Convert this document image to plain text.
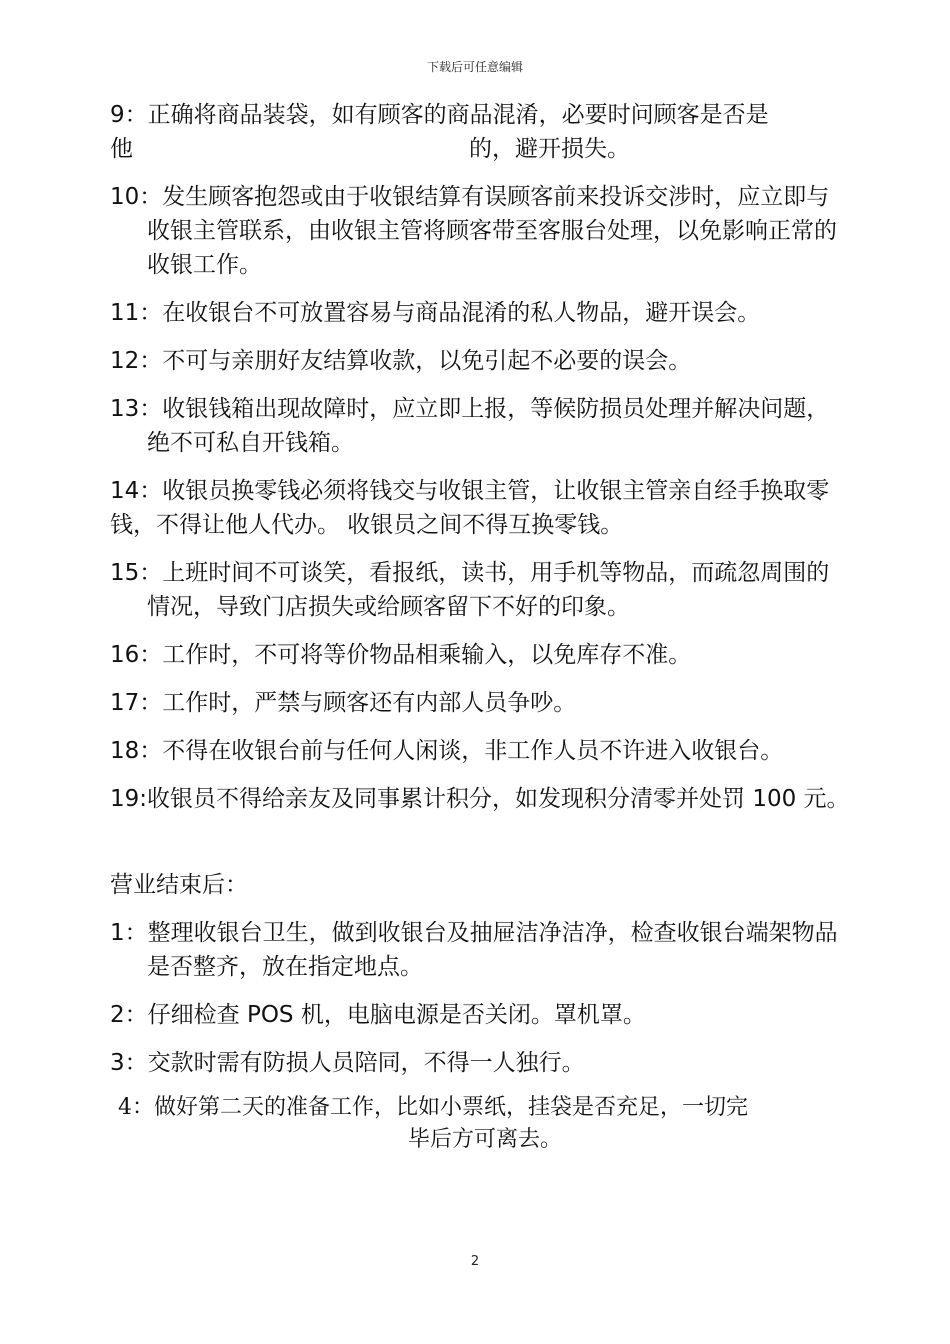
下载后可任意编辑
9：正确将商品装袋，如有顾客的商品混淆，必要时问顾客是否是
他	的，避开损失。
10：发生顾客抱怨或由于收银结算有误顾客前来投诉交涉时，应立即与收银主管联系，由收银主管将顾客带至客服台处理，以免影响正常的收银工作。
11：在收银台不可放置容易与商品混淆的私人物品，避开误会。
12：不可与亲朋好友结算收款，以免引起不必要的误会。
13：收银钱箱出现故障时，应立即上报，等候防损员处理并解决问题，绝不可私自开钱箱。
14：收银员换零钱必须将钱交与收银主管，让收银主管亲自经手换取零钱，不得让他人代办。 收银员之间不得互换零钱。
15：上班时间不可谈笑，看报纸，读书，用手机等物品，而疏忽周围的情况，导致门店损失或给顾客留下不好的印象。
16：工作时，不可将等价物品相乘输入，以免库存不准。
17：工作时，严禁与顾客还有内部人员争吵。
18：不得在收银台前与任何人闲谈，非工作人员不许进入收银台。
19:收银员不得给亲友及同事累计积分，如发现积分清零并处罚 100 元。
营业结束后：
1：整理收银台卫生，做到收银台及抽屉洁净洁净，检查收银台端架物品是否整齐，放在指定地点。
2：仔细检查 POS 机，电脑电源是否关闭。罩机罩。
3：交款时需有防损人员陪同，不得一人独行。
4：做好第二天的准备工作，比如小票纸，挂袋是否充足，一切完
毕后方可离去。
2
